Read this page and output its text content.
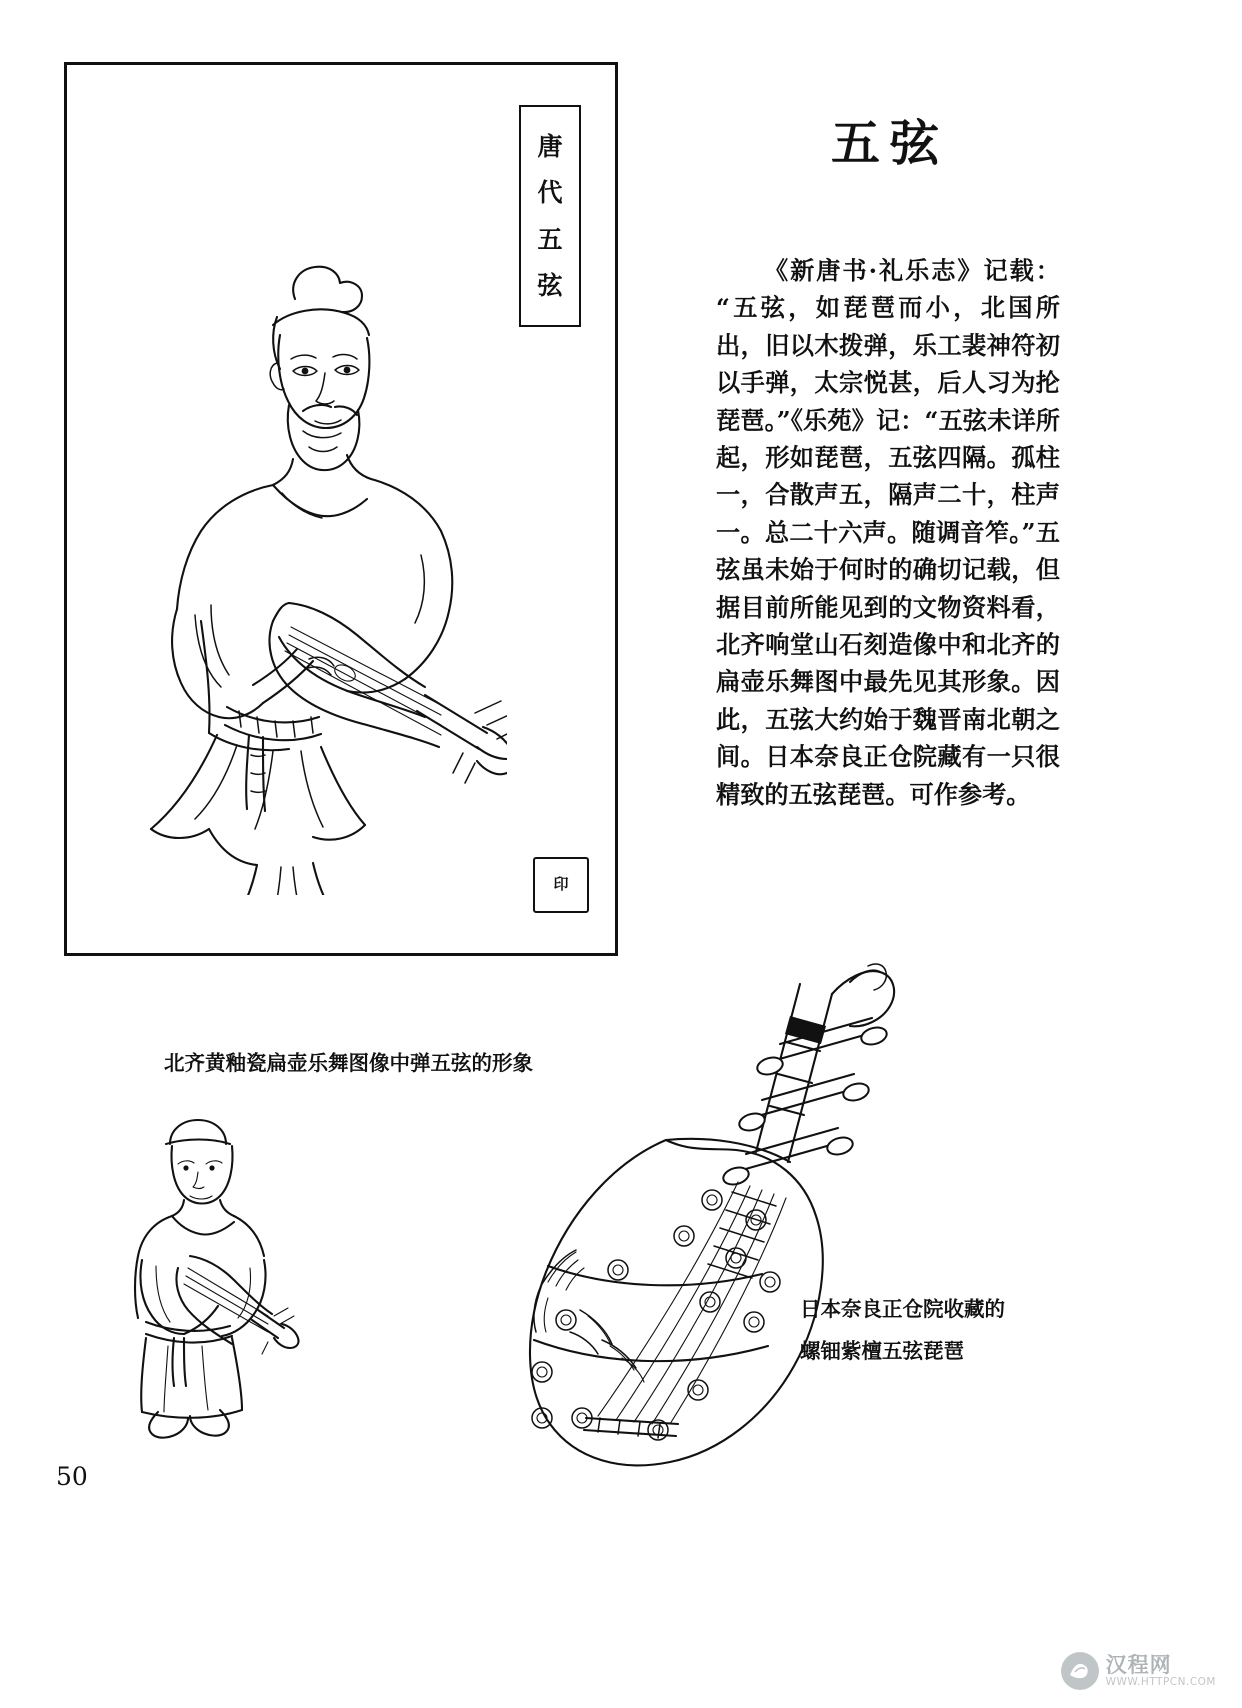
唐
代
五
弦
印
五弦
《新唐书·礼乐志》记载：“五弦，如琵琶而小，北国所出，旧以木拨弹，乐工裴神符初以手弹，太宗悦甚，后人习为抡琵琶。”《乐苑》记：“五弦未详所起，形如琵琶，五弦四隔。孤柱一，合散声五，隔声二十，柱声一。总二十六声。随调音笮。”五弦虽未始于何时的确切记载，但据目前所能见到的文物资料看，北齐响堂山石刻造像中和北齐的扁壶乐舞图中最先见其形象。因此，五弦大约始于魏晋南北朝之间。日本奈良正仓院藏有一只很精致的五弦琵琶。可作参考。
北齐黄釉瓷扁壶乐舞图像中弹五弦的形象
日本奈良正仓院收藏的
螺钿紫檀五弦琵琶
50
汉程网
WWW.HTTPCN.COM
